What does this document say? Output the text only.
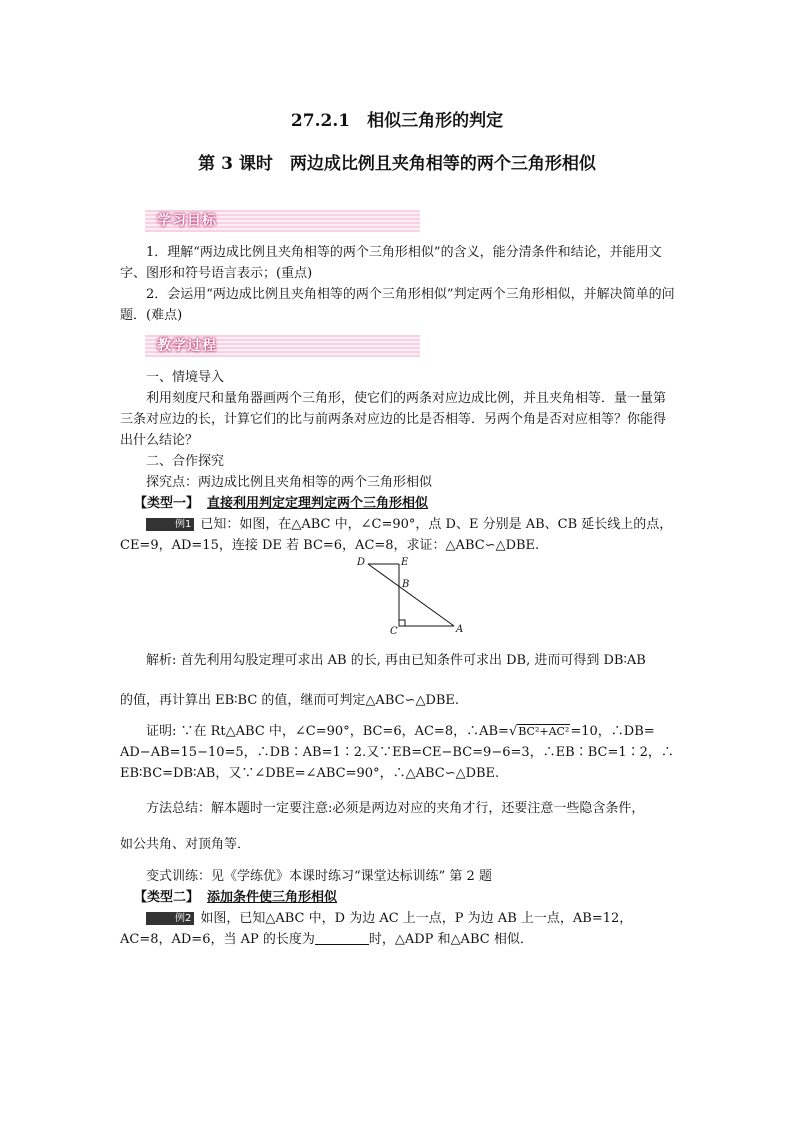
27.2.1　相似三角形的判定
第 3 课时　两边成比例且夹角相等的两个三角形相似
学习目标
1．理解“两边成比例且夹角相等的两个三角形相似”的含义，能分清条件和结论，并能用文字、图形和符号语言表示；(重点)
2．会运用“两边成比例且夹角相等的两个三角形相似”判定两个三角形相似，并解决简单的问题．(难点)
教学过程
一、情境导入
利用刻度尺和量角器画两个三角形，使它们的两条对应边成比例，并且夹角相等．量一量第三条对应边的长，计算它们的比与前两条对应边的比是否相等．另两个角是否对应相等？你能得出什么结论？
二、合作探究
探究点：两边成比例且夹角相等的两个三角形相似
【类型一】 直接利用判定定理判定两个三角形相似
例1 已知：如图，在△ABC 中，∠C=90°，点 D、E 分别是 AB、CB 延长线上的点，CE=9，AD=15，连接 DE 若 BC=6，AC=8，求证：△ABC∽△DBE.
D	E
B
C	A
解析: 首先利用勾股定理可求出 AB 的长, 再由已知条件可求出 DB, 进而可得到 DB∶AB
的值，再计算出 EB∶BC 的值，继而可判定△ABC∽△DBE.
证明: ∵在 Rt△ABC 中，∠C=90°，BC=6，AC=8，∴AB=√BC²+AC²=10，∴DB=
AD−AB=15−10=5，∴DB∶AB=1∶2.又∵EB=CE−BC=9−6=3，∴EB∶BC=1∶2，∴
EB∶BC=DB∶AB，又∵∠DBE=∠ABC=90°，∴△ABC∽△DBE.
方法总结：解本题时一定要注意:必须是两边对应的夹角才行，还要注意一些隐含条件，
如公共角、对顶角等．
变式训练：见《学练优》本课时练习“课堂达标训练” 第 2 题
【类型二】 添加条件使三角形相似
例2 如图，已知△ABC 中，D 为边 AC 上一点，P 为边 AB 上一点，AB=12，AC=8，AD=6，当 AP 的长度为	时，△ADP 和△ABC 相似．
